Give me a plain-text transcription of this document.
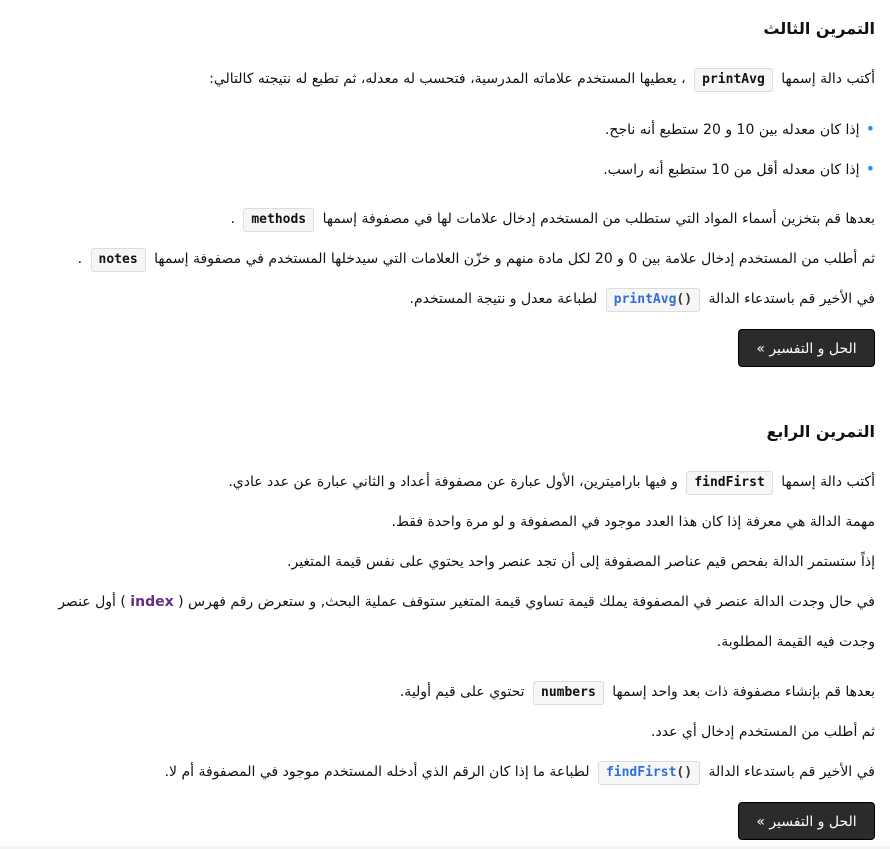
التمرين الثالث
أكتب دالة إسمها printAvg ، يعطيها المستخدم علاماته المدرسية، فتحسب له معدله، ثم تطبع له نتيجته كالتالي:
• إذا كان معدله بين 10 و 20 ستطبع أنه ناجح.
• إذا كان معدله أقل من 10 ستطبع أنه راسب.
بعدها قم بتخزين أسماء المواد التي ستطلب من المستخدم إدخال علامات لها في مصفوفة إسمها methods .
ثم أطلب من المستخدم إدخال علامة بين 0 و 20 لكل مادة منهم و خزّن العلامات التي سيدخلها المستخدم في مصفوفة إسمها notes .
في الأخير قم باستدعاء الدالة printAvg() لطباعة معدل و نتيجة المستخدم.
الحل و التفسير »
التمرين الرابع
أكتب دالة إسمها findFirst و فيها باراميترين، الأول عبارة عن مصفوفة أعداد و الثاني عبارة عن عدد عادي.
مهمة الدالة هي معرفة إذا كان هذا العدد موجود في المصفوفة و لو مرة واحدة فقط.
إذاً ستستمر الدالة بفحص قيم عناصر المصفوفة إلى أن تجد عنصر واحد يحتوي على نفس قيمة المتغير.
في حال وجدت الدالة عنصر في المصفوفة يملك قيمة تساوي قيمة المتغير ستوقف عملية البحث, و ستعرض رقم فهرس ( index ) أول عنصر
وجدت فيه القيمة المطلوبة.
بعدها قم بإنشاء مصفوفة ذات بعد واحد إسمها numbers تحتوي على قيم أولية.
ثم أطلب من المستخدم إدخال أي عدد.
في الأخير قم باستدعاء الدالة findFirst() لطباعة ما إذا كان الرقم الذي أدخله المستخدم موجود في المصفوفة أم لا.
الحل و التفسير »
